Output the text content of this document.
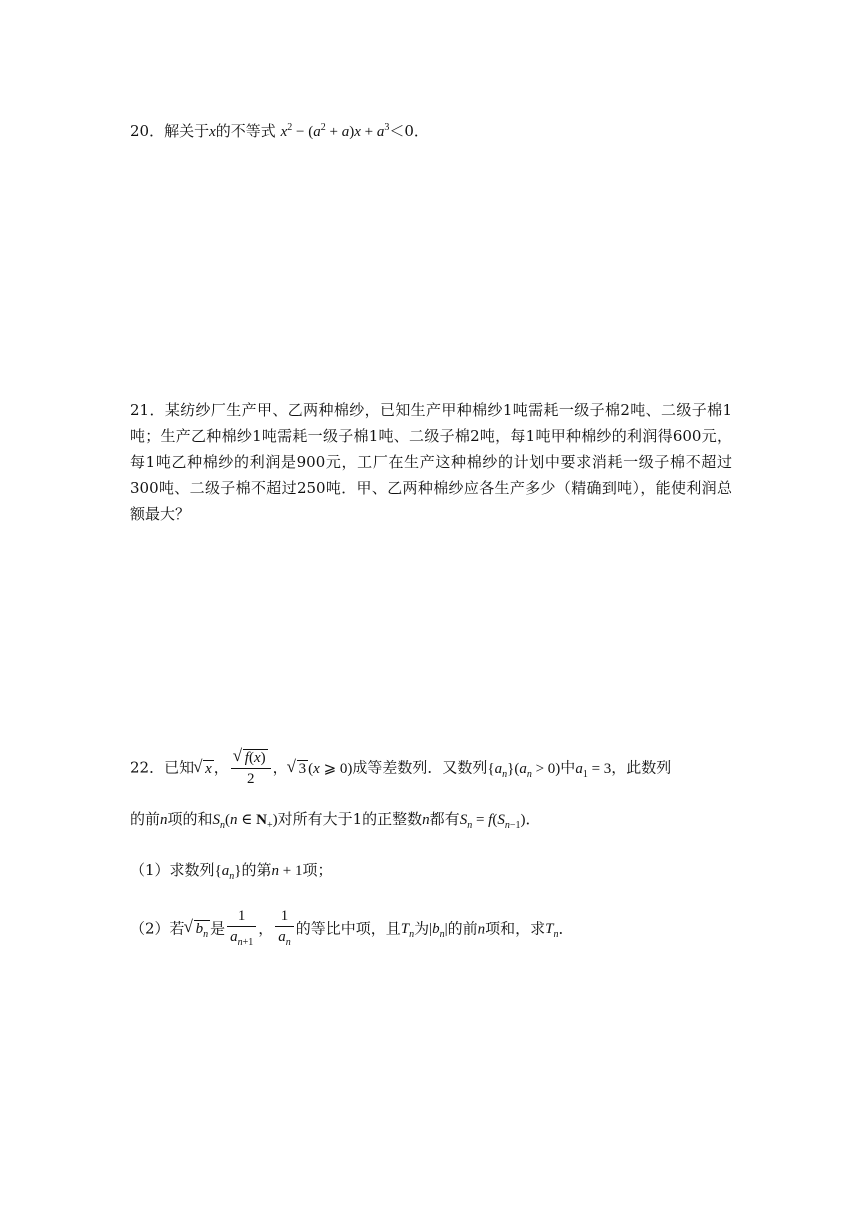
20．解关于x的不等式 $x^2 - (a^2 + a)x + a^3<0$．
21．某纺纱厂生产甲、乙两种棉纱，已知生产甲种棉纱1吨需耗一级子棉2吨、二级子棉1吨；生产乙种棉纱1吨需耗一级子棉1吨、二级子棉2吨，每1吨甲种棉纱的利润得600元，每1吨乙种棉纱的利润是900元，工厂在生产这种棉纱的计划中要求消耗一级子棉不超过300吨、二级子棉不超过250吨．甲、乙两种棉纱应各生产多少（精确到吨），能使利润总额最大？
22．已知 √ x ， √ $\frac{f(x)}{2}$ ， √ 3 (x ⩾ 0)成等差数列．又数列$\{a_n\}(a_n > 0)$中$a_1 = 3$，此数列
的前n项的和$S_n(n$ ∈ $N_+$)对所有大于1的正整数n都有$S_n = f(S_{n-1})$．
（1）求数列$\{a_n\}$的第n + 1项；
（2）若 √ $b_n$ 是 $\frac{1}{a_{n+1}}$ ， $\frac{1}{a_n}$ 的等比中项，且$T_n$为$|b_n|$的前n项和，求$T_n$．
